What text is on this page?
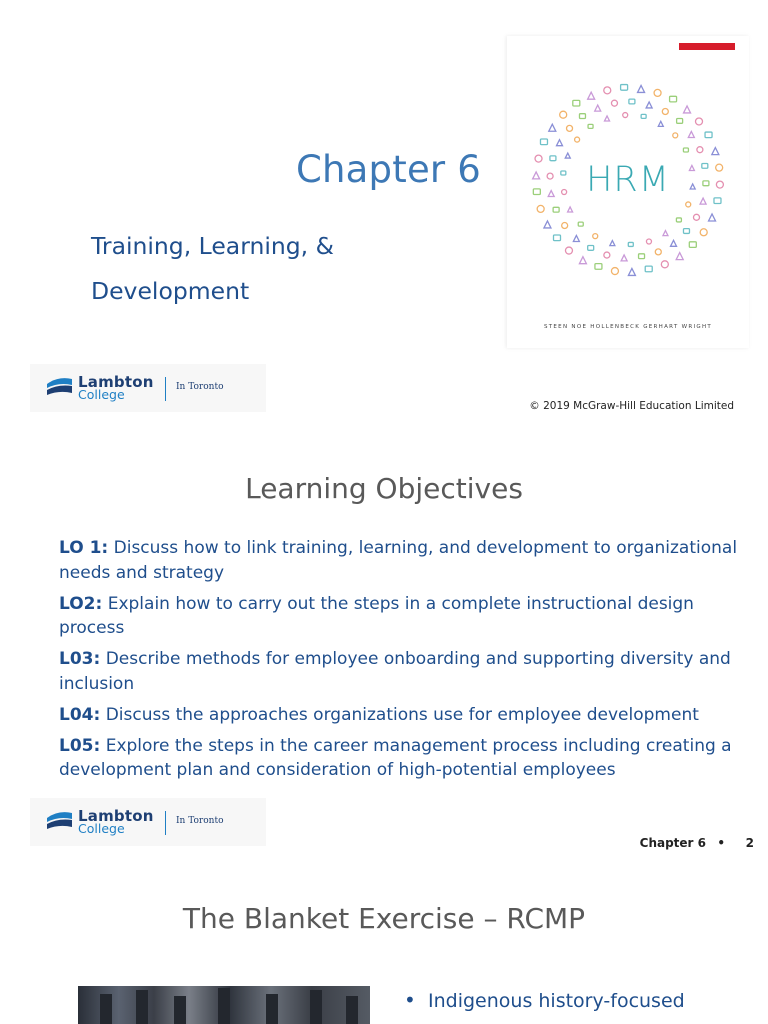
Chapter 6
Training, Learning, & Development
HRM
STEEN NOE HOLLENBECK GERHART WRIGHT
Lambton
College	In Toronto
© 2019 McGraw-Hill Education Limited
Learning Objectives
LO 1: Discuss how to link training, learning, and development to organizational needs and strategy
LO2: Explain how to carry out the steps in a complete instructional design process
L03: Describe methods for employee onboarding and supporting diversity and inclusion
L04: Discuss the approaches organizations use for employee development
L05: Explore the steps in the career management process including creating a development plan and consideration of high-potential employees
Lambton
College	In Toronto
Chapter 6 • 2
The Blanket Exercise – RCMP
• Indigenous history-focused
